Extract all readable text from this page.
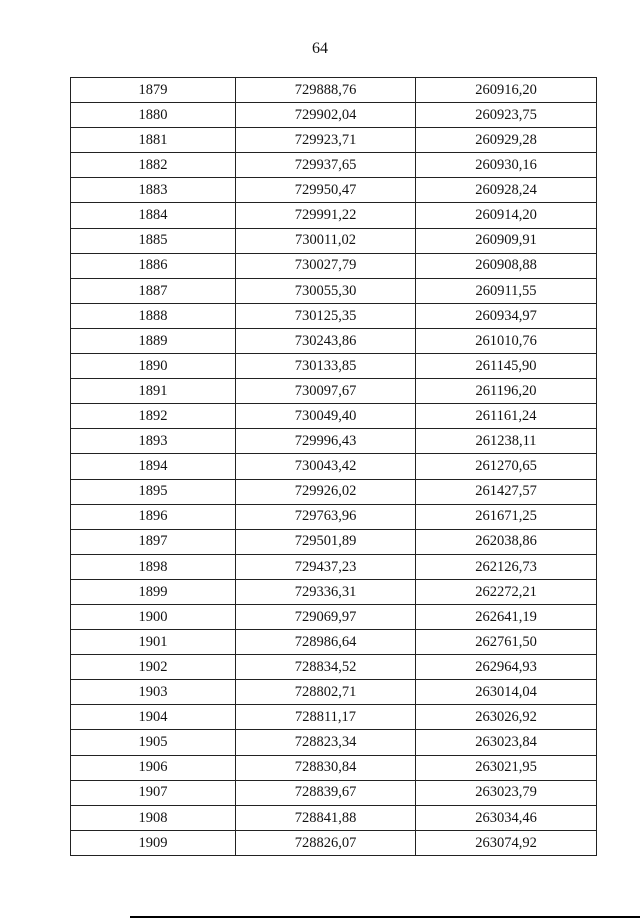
64
1879	729888,76	260916,20
1880	729902,04	260923,75
1881	729923,71	260929,28
1882	729937,65	260930,16
1883	729950,47	260928,24
1884	729991,22	260914,20
1885	730011,02	260909,91
1886	730027,79	260908,88
1887	730055,30	260911,55
1888	730125,35	260934,97
1889	730243,86	261010,76
1890	730133,85	261145,90
1891	730097,67	261196,20
1892	730049,40	261161,24
1893	729996,43	261238,11
1894	730043,42	261270,65
1895	729926,02	261427,57
1896	729763,96	261671,25
1897	729501,89	262038,86
1898	729437,23	262126,73
1899	729336,31	262272,21
1900	729069,97	262641,19
1901	728986,64	262761,50
1902	728834,52	262964,93
1903	728802,71	263014,04
1904	728811,17	263026,92
1905	728823,34	263023,84
1906	728830,84	263021,95
1907	728839,67	263023,79
1908	728841,88	263034,46
1909	728826,07	263074,92
